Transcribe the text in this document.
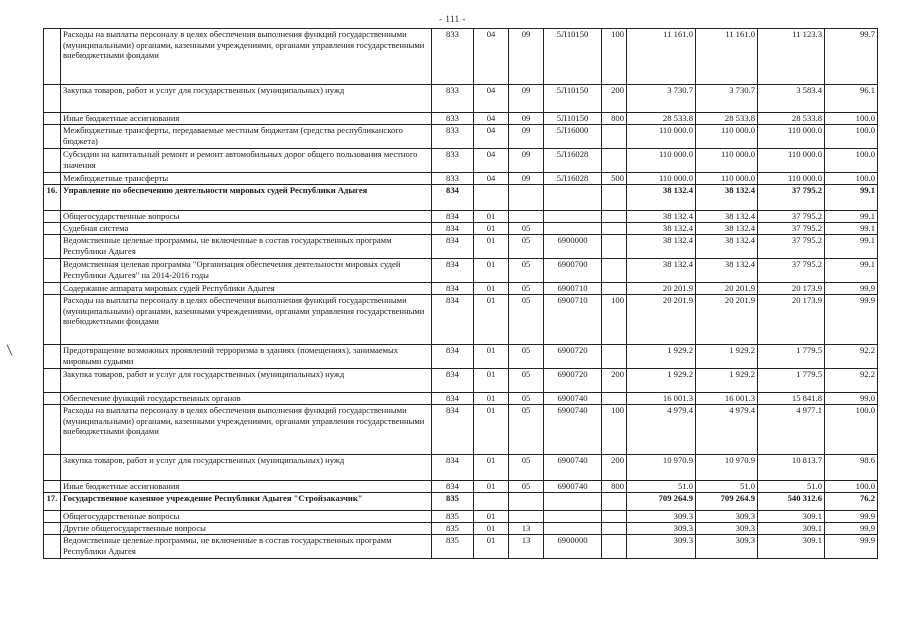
- 111 -
	Расходы на выплаты персоналу в целях обеспечения выполнения функций государственными (муниципальными) органами, казенными учреждениями, органами управления государственными внебюджетными фондами	833	04	09	5Л10150	100	11 161.0	11 161.0	11 123.3	99.7
	Закупка товаров, работ и услуг для государственных (муниципальных) нужд	833	04	09	5Л10150	200	3 730.7	3 730.7	3 583.4	96.1
	Иные бюджетные ассигнования	833	04	09	5Л10150	800	28 533.8	28 533.8	28 533.8	100.0
	Межбюджетные трансферты, передаваемые местным бюджетам (средства республиканского бюджета)	833	04	09	5Л16000		110 000.0	110 000.0	110 000.0	100.0
	Субсидии на капитальный ремонт и ремонт автомобильных дорог общего пользования местного значения	833	04	09	5Л16028		110 000.0	110 000.0	110 000.0	100.0
	Межбюджетные трансферты	833	04	09	5Л16028	500	110 000.0	110 000.0	110 000.0	100.0
16.	Управление по обеспечению деятельности мировых судей Республики Адыгея	834					38 132.4	38 132.4	37 795.2	99.1
	Общегосударственные вопросы	834	01				38 132.4	38 132.4	37 795.2	99.1
	Судебная система	834	01	05			38 132.4	38 132.4	37 795.2	99.1
	Ведомственные целевые программы, не включенные в состав государственных программ Республики Адыгея	834	01	05	6900000		38 132.4	38 132.4	37 795.2	99.1
	Ведомственная целевая программа "Организация обеспечения деятельности мировых судей Республики Адыгея" на 2014-2016 годы	834	01	05	6900700		38 132.4	38 132.4	37 795.2	99.1
	Содержание аппарата мировых судей Республики Адыгея	834	01	05	6900710		20 201.9	20 201.9	20 173.9	99.9
	Расходы на выплаты персоналу в целях обеспечения выполнения функций государственными (муниципальными) органами, казенными учреждениями, органами управления государственными внебюджетными фондами	834	01	05	6900710	100	20 201.9	20 201.9	20 173.9	99.9
	Предотвращение возможных проявлений терроризма в зданиях (помещениях), занимаемых мировыми судьями	834	01	05	6900720		1 929.2	1 929.2	1 779.5	92.2
	Закупка товаров, работ и услуг для государственных (муниципальных) нужд	834	01	05	6900720	200	1 929.2	1 929.2	1 779.5	92.2
	Обеспечение функций государственных органов	834	01	05	6900740		16 001.3	16 001.3	15 841.8	99.0
	Расходы на выплаты персоналу в целях обеспечения выполнения функций государственными (муниципальными) органами, казенными учреждениями, органами управления государственными внебюджетными фондами	834	01	05	6900740	100	4 979.4	4 979.4	4 977.1	100.0
	Закупка товаров, работ и услуг для государственных (муниципальных) нужд	834	01	05	6900740	200	10 970.9	10 970.9	10 813.7	98.6
	Иные бюджетные ассигнования	834	01	05	6900740	800	51.0	51.0	51.0	100.0
17.	Государственное казенное учреждение Республики Адыгея "Стройзаказчик"	835					709 264.9	709 264.9	540 312.6	76.2
	Общегосударственные вопросы	835	01				309.3	309.3	309.1	99.9
	Другие общегосударственные вопросы	835	01	13			309.3	309.3	309.1	99.9
	Ведомственные целевые программы, не включенные в состав государственных программ Республики Адыгея	835	01	13	6900000		309.3	309.3	309.1	99.9
